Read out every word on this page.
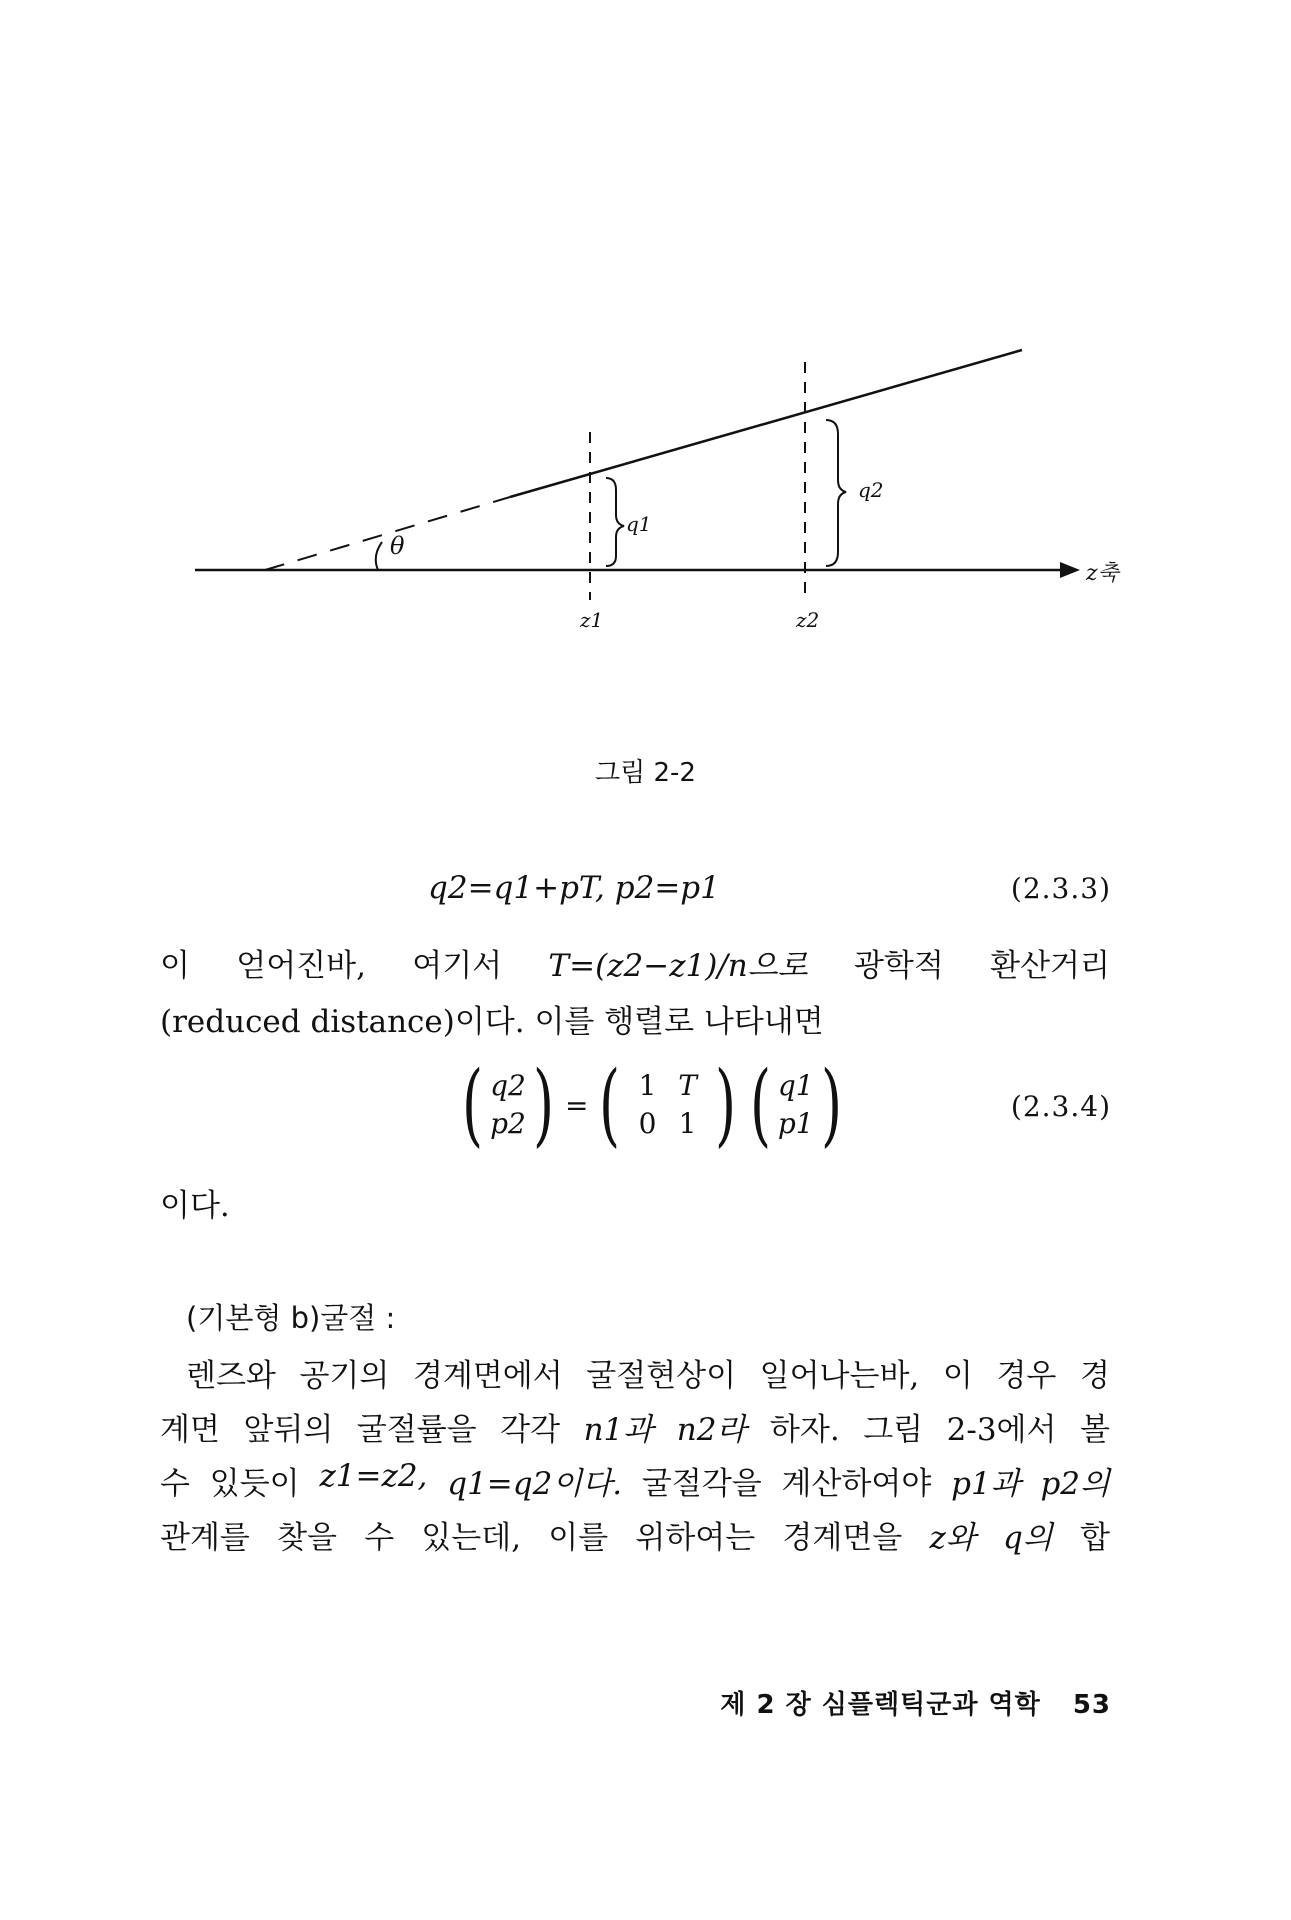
θ
q1
q2
z1	z2
z축
그림 2-2
q2=q1+pT, p2=p1	(2.3.3)
이 얻어진바, 여기서 T=(z2−z1)/n으로 광학적 환산거리
(reduced distance)이다. 이를 행렬로 나타내면
( q2
p2 ) = ( 1 T
0 1 ) ( q1
p1 )	(2.3.4)
이다.
(기본형 b)굴절 :
렌즈와 공기의 경계면에서 굴절현상이 일어나는바, 이 경우 경
계면 앞뒤의 굴절률을 각각 n1과 n2라 하자. 그림 2-3에서 볼
수 있듯이 z1=z2, q1=q2이다. 굴절각을 계산하여야 p1과 p2의
관계를 찾을 수 있는데, 이를 위하여는 경계면을 z와 q의 합
제 2 장 심플렉틱군과 역학 53
